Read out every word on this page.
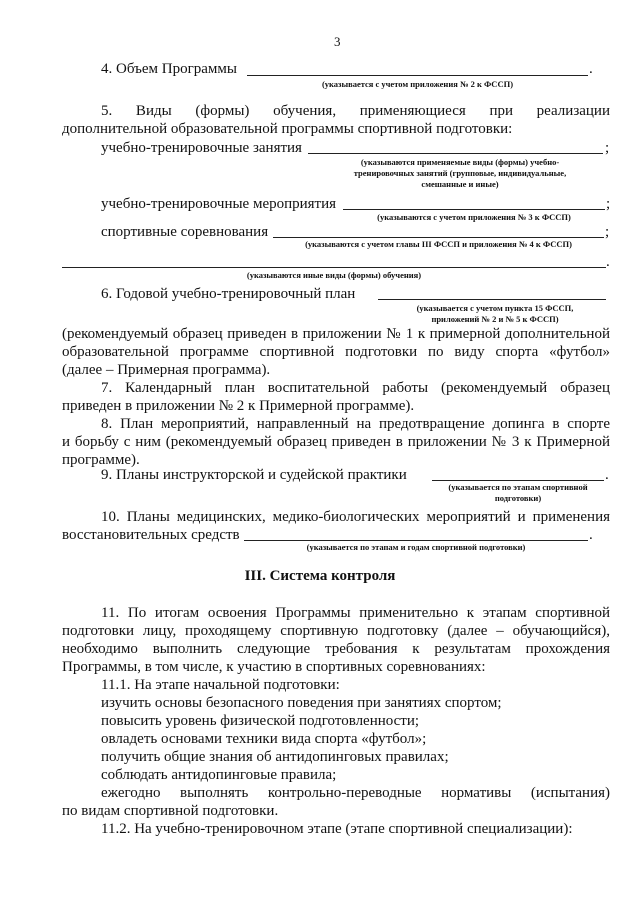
3
4. Объем Программы	.
(указывается с учетом приложения № 2 к ФССП)
5. Виды (формы) обучения, применяющиеся при реализации
дополнительной образовательной программы спортивной подготовки:
учебно-тренировочные занятия	;
(указываются применяемые виды (формы) учебно-
тренировочных занятий (групповые, индивидуальные,
смешанные и иные)
учебно-тренировочные мероприятия	;
(указываются с учетом приложения № 3 к ФССП)
спортивные соревнования	;
(указываются с учетом главы III ФССП и приложения № 4 к ФССП)
.
(указываются иные виды (формы) обучения)
6. Годовой учебно-тренировочный план
(указывается с учетом пункта 15 ФССП,
приложений № 2 и № 5 к ФССП)
(рекомендуемый образец приведен в приложении № 1 к примерной дополнительной
образовательной программе спортивной подготовки по виду спорта «футбол»
(далее – Примерная программа).
7. Календарный план воспитательной работы (рекомендуемый образец
приведен в приложении № 2 к Примерной программе).
8. План мероприятий, направленный на предотвращение допинга в спорте
и борьбу с ним (рекомендуемый образец приведен в приложении № 3 к Примерной
программе).
9. Планы инструкторской и судейской практики	.
(указывается по этапам спортивной
подготовки)
10. Планы медицинских, медико-биологических мероприятий и применения
восстановительных средств	.
(указывается по этапам и годам спортивной подготовки)
III. Система контроля
11. По итогам освоения Программы применительно к этапам спортивной
подготовки лицу, проходящему спортивную подготовку (далее – обучающийся),
необходимо выполнить следующие требования к результатам прохождения
Программы, в том числе, к участию в спортивных соревнованиях:
11.1. На этапе начальной подготовки:
изучить основы безопасного поведения при занятиях спортом;
повысить уровень физической подготовленности;
овладеть основами техники вида спорта «футбол»;
получить общие знания об антидопинговых правилах;
соблюдать антидопинговые правила;
ежегодно выполнять контрольно-переводные нормативы (испытания)
по видам спортивной подготовки.
11.2. На учебно-тренировочном этапе (этапе спортивной специализации):
